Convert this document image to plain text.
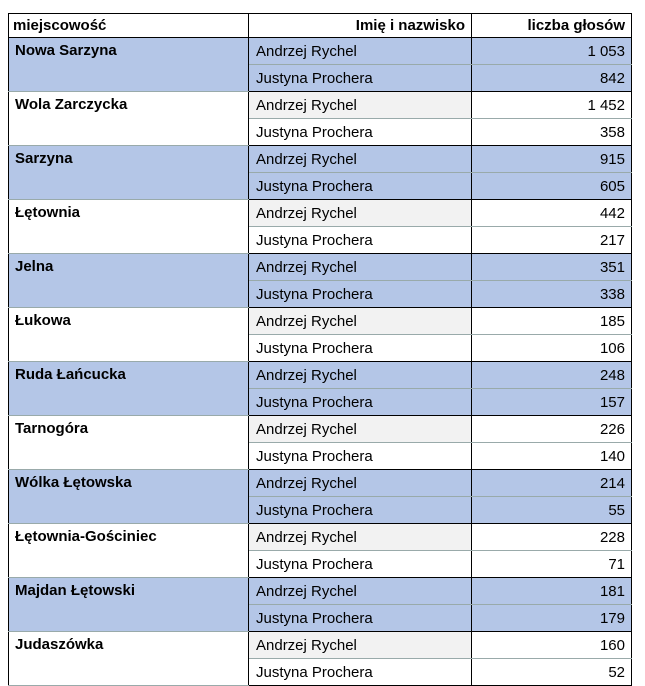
miejscowość	Imię i nazwisko	liczba głosów
Nowa Sarzyna	Andrzej Rychel	1 053
	Justyna Prochera	842
Wola Zarczycka	Andrzej Rychel	1 452
	Justyna Prochera	358
Sarzyna	Andrzej Rychel	915
	Justyna Prochera	605
Łętownia	Andrzej Rychel	442
	Justyna Prochera	217
Jelna	Andrzej Rychel	351
	Justyna Prochera	338
Łukowa	Andrzej Rychel	185
	Justyna Prochera	106
Ruda Łańcucka	Andrzej Rychel	248
	Justyna Prochera	157
Tarnogóra	Andrzej Rychel	226
	Justyna Prochera	140
Wólka Łętowska	Andrzej Rychel	214
	Justyna Prochera	55
Łętownia-Gościniec	Andrzej Rychel	228
	Justyna Prochera	71
Majdan Łętowski	Andrzej Rychel	181
	Justyna Prochera	179
Judaszówka	Andrzej Rychel	160
	Justyna Prochera	52
